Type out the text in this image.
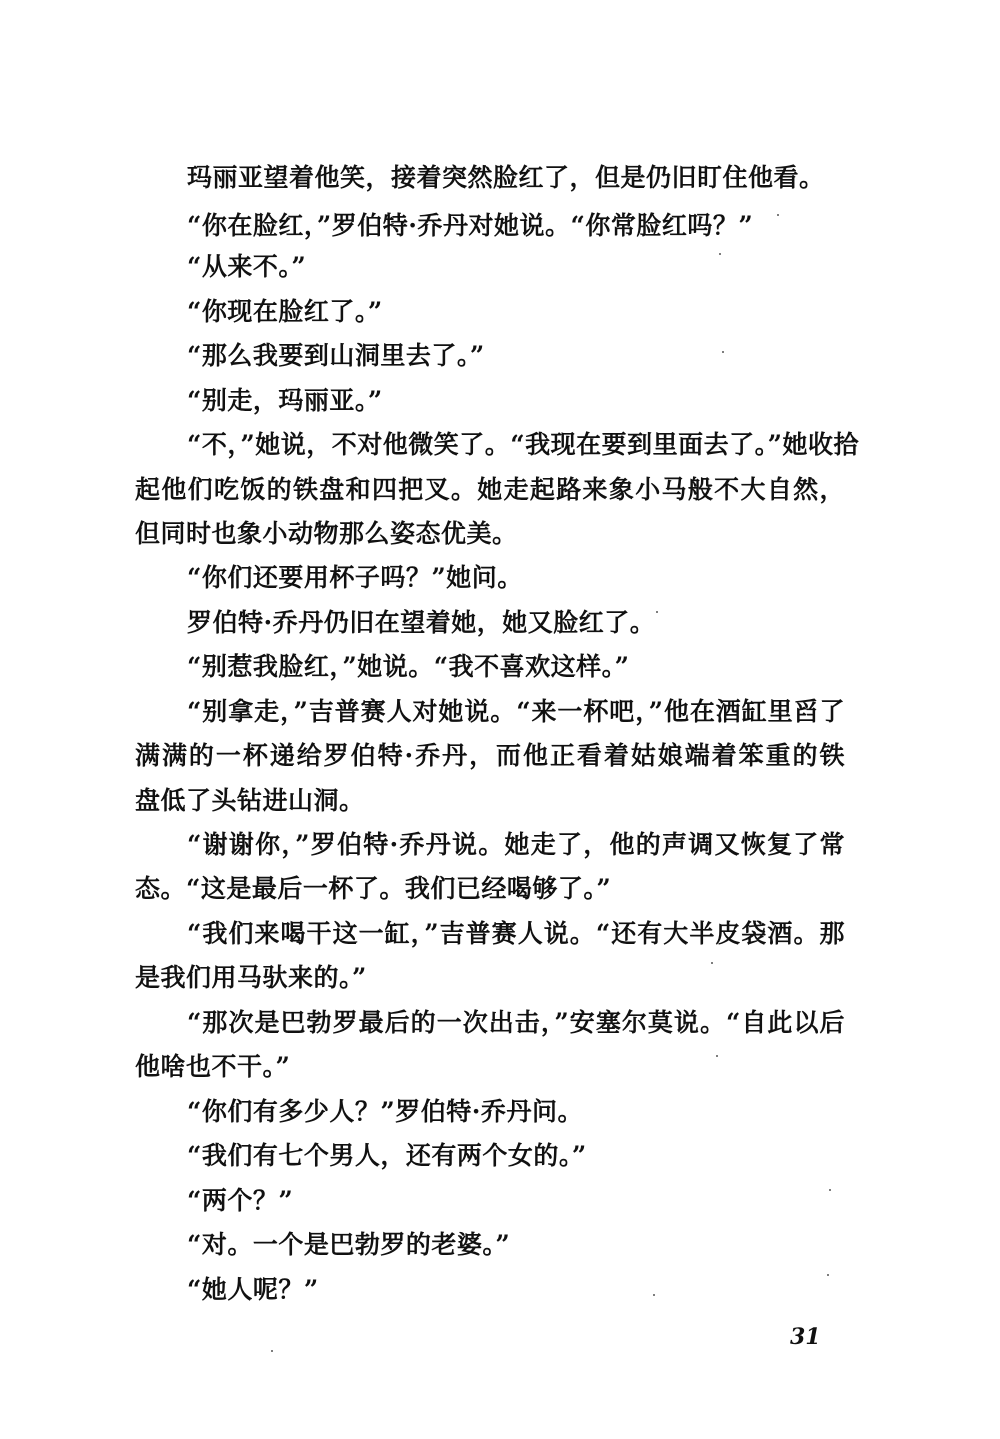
玛丽亚望着他笑，接着突然脸红了，但是仍旧盯住他看。
“你在脸红，”罗伯特·乔丹对她说。“你常脸红吗？”
“从来不。”
“你现在脸红了。”
“那么我要到山洞里去了。”
“别走，玛丽亚。”
“不，”她说，不对他微笑了。“我现在要到里面去了。”她收拾
起他们吃饭的铁盘和四把叉。她走起路来象小马般不大自然，
但同时也象小动物那么姿态优美。
“你们还要用杯子吗？”她问。
罗伯特·乔丹仍旧在望着她，她又脸红了。
“别惹我脸红，”她说。“我不喜欢这样。”
“别拿走，”吉普赛人对她说。“来一杯吧，”他在酒缸里舀了
满满的一杯递给罗伯特·乔丹，而他正看着姑娘端着笨重的铁
盘低了头钻进山洞。
“谢谢你，”罗伯特·乔丹说。她走了，他的声调又恢复了常
态。“这是最后一杯了。我们已经喝够了。”
“我们来喝干这一缸，”吉普赛人说。“还有大半皮袋酒。那
是我们用马驮来的。”
“那次是巴勃罗最后的一次出击，”安塞尔莫说。“自此以后
他啥也不干。”
“你们有多少人？”罗伯特·乔丹问。
“我们有七个男人，还有两个女的。”
“两个？”
“对。一个是巴勃罗的老婆。”
“她人呢？”
31
